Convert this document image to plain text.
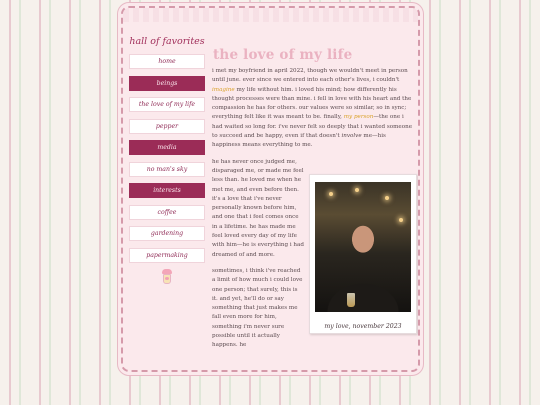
hall of favorites
home
beings
the love of my life
pepper
media
no man's sky
interests
coffee
gardening
papermaking
the love of my life

i met my boyfriend in april 2022, though we wouldn't meet in person until june. ever since we entered into each other's lives, i couldn't imagine my life without him. i loved his mind; how differently his thought processes were than mine. i fell in love with his heart and the compassion he has for others. our values were so similar, so in sync; everything felt like it was meant to be. finally, my person—the one i had waited so long for. i've never felt so deeply that i wanted someone to succeed and be happy, even if that doesn't involve me—his happiness means everything to me.

he has never once judged me, disparaged me, or made me feel less than. he loved me when he met me, and even before then. it's a love that i've never personally known before him, and one that i feel comes once in a lifetime. he has made me feel loved every day of my life with him—he is everything i had dreamed of and more.

sometimes, i think i've reached a limit of how much i could love one person; that surely, this is it. and yet, he'll do or say something that just makes me fall even more for him, something i'm never sure possible until it actually happens. he

my love, november 2023
